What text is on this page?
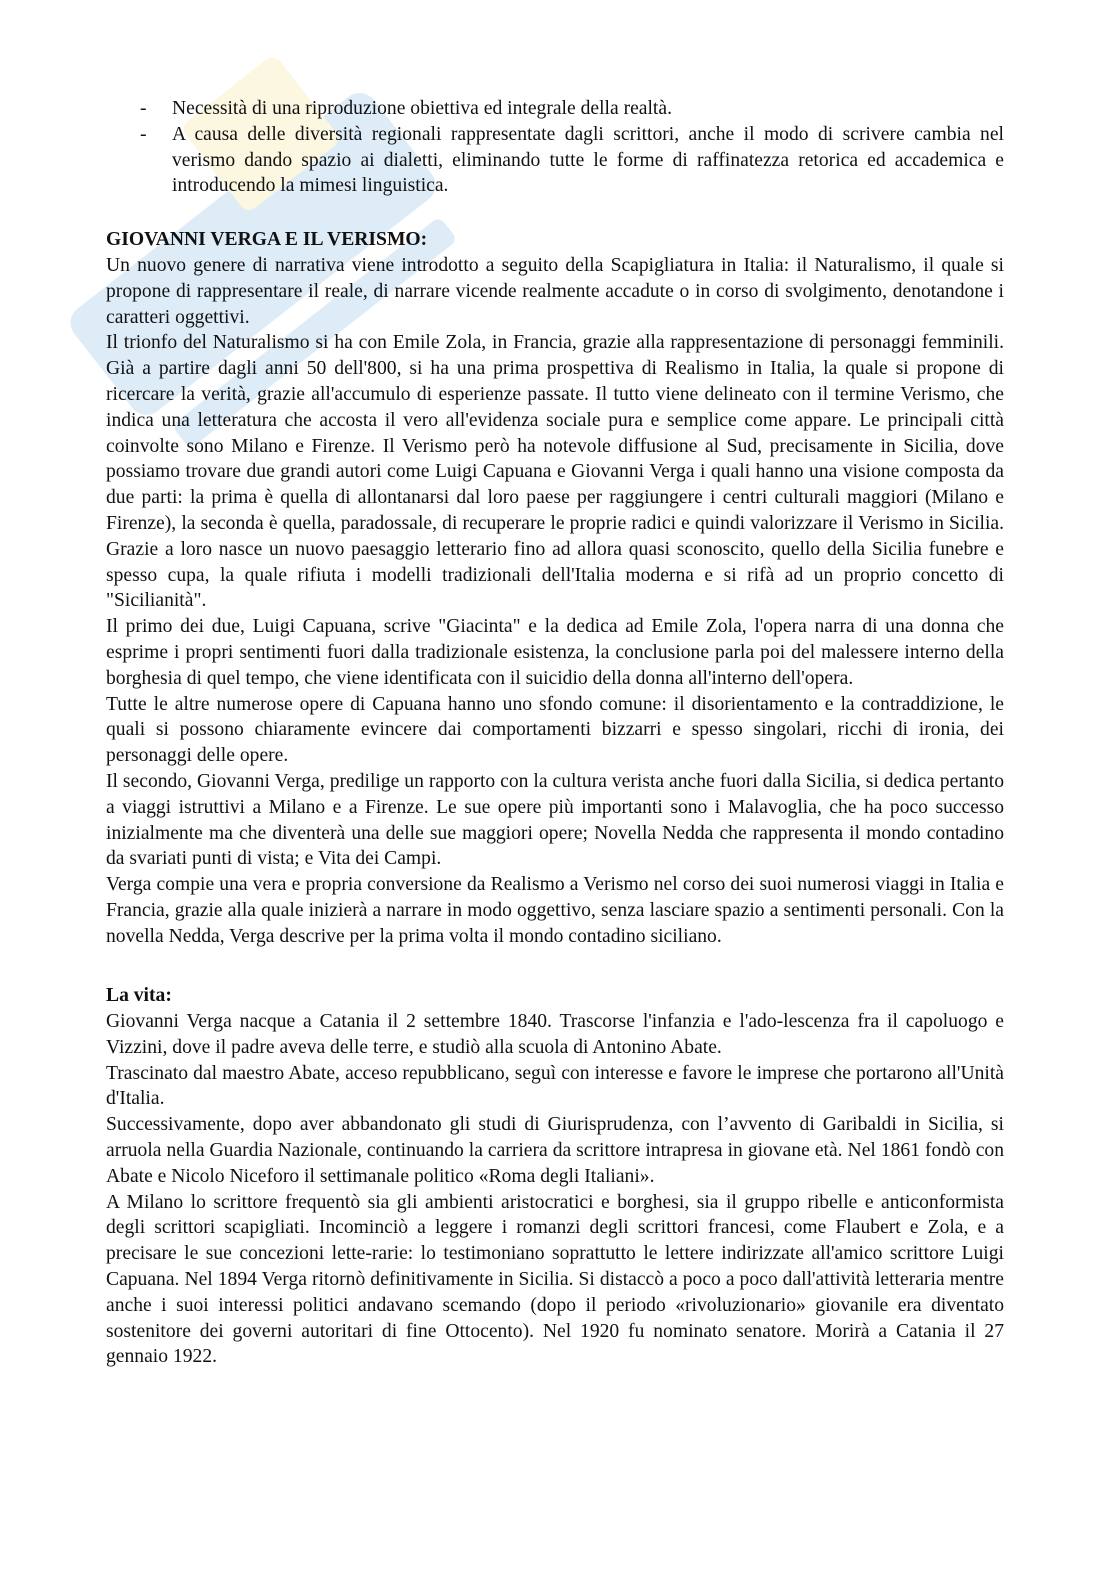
- Necessità di una riproduzione obiettiva ed integrale della realtà.
- A causa delle diversità regionali rappresentate dagli scrittori, anche il modo di scrivere cambia nel verismo dando spazio ai dialetti, eliminando tutte le forme di raffinatezza retorica ed accademica e introducendo la mimesi linguistica.
GIOVANNI VERGA E IL VERISMO:

Un nuovo genere di narrativa viene introdotto a seguito della Scapigliatura in Italia: il Naturalismo, il quale si propone di rappresentare il reale, di narrare vicende realmente accadute o in corso di svolgimento, denotandone i caratteri oggettivi.

Il trionfo del Naturalismo si ha con Emile Zola, in Francia, grazie alla rappresentazione di personaggi femminili. Già a partire dagli anni 50 dell'800, si ha una prima prospettiva di Realismo in Italia, la quale si propone di ricercare la verità, grazie all'accumulo di esperienze passate. Il tutto viene delineato con il termine Verismo, che indica una letteratura che accosta il vero all'evidenza sociale pura e semplice come appare. Le principali città coinvolte sono Milano e Firenze. Il Verismo però ha notevole diffusione al Sud, precisamente in Sicilia, dove possiamo trovare due grandi autori come Luigi Capuana e Giovanni Verga i quali hanno una visione composta da due parti: la prima è quella di allontanarsi dal loro paese per raggiungere i centri culturali maggiori (Milano e Firenze), la seconda è quella, paradossale, di recuperare le proprie radici e quindi valorizzare il Verismo in Sicilia. Grazie a loro nasce un nuovo paesaggio letterario fino ad allora quasi sconoscito, quello della Sicilia funebre e spesso cupa, la quale rifiuta i modelli tradizionali dell'Italia moderna e si rifà ad un proprio concetto di "Sicilianità".

Il primo dei due, Luigi Capuana, scrive "Giacinta" e la dedica ad Emile Zola, l'opera narra di una donna che esprime i propri sentimenti fuori dalla tradizionale esistenza, la conclusione parla poi del malessere interno della borghesia di quel tempo, che viene identificata con il suicidio della donna all'interno dell'opera.

Tutte le altre numerose opere di Capuana hanno uno sfondo comune: il disorientamento e la contraddizione, le quali si possono chiaramente evincere dai comportamenti bizzarri e spesso singolari, ricchi di ironia, dei personaggi delle opere.

Il secondo, Giovanni Verga, predilige un rapporto con la cultura verista anche fuori dalla Sicilia, si dedica pertanto a viaggi istruttivi a Milano e a Firenze. Le sue opere più importanti sono i Malavoglia, che ha poco successo inizialmente ma che diventerà una delle sue maggiori opere; Novella Nedda che rappresenta il mondo contadino da svariati punti di vista; e Vita dei Campi.

Verga compie una vera e propria conversione da Realismo a Verismo nel corso dei suoi numerosi viaggi in Italia e Francia, grazie alla quale inizierà a narrare in modo oggettivo, senza lasciare spazio a sentimenti personali. Con la novella Nedda, Verga descrive per la prima volta il mondo contadino siciliano.

La vita:

Giovanni Verga nacque a Catania il 2 settembre 1840. Trascorse l'infanzia e l'ado-lescenza fra il capoluogo e Vizzini, dove il padre aveva delle terre, e studiò alla scuola di Antonino Abate.

Trascinato dal maestro Abate, acceso repubblicano, seguì con interesse e favore le imprese che portarono all'Unità d'Italia.

Successivamente, dopo aver abbandonato gli studi di Giurisprudenza, con l’avvento di Garibaldi in Sicilia, si arruola nella Guardia Nazionale, continuando la carriera da scrittore intrapresa in giovane età. Nel 1861 fondò con Abate e Nicolo Niceforo il settimanale politico «Roma degli Italiani».

A Milano lo scrittore frequentò sia gli ambienti aristocratici e borghesi, sia il gruppo ribelle e anticonformista degli scrittori scapigliati. Incominciò a leggere i romanzi degli scrittori francesi, come Flaubert e Zola, e a precisare le sue concezioni lette-rarie: lo testimoniano soprattutto le lettere indirizzate all'amico scrittore Luigi Capuana. Nel 1894 Verga ritornò definitivamente in Sicilia. Si distaccò a poco a poco dall'attività letteraria mentre anche i suoi interessi politici andavano scemando (dopo il periodo «rivoluzionario» giovanile era diventato sostenitore dei governi autoritari di fine Ottocento). Nel 1920 fu nominato senatore. Morirà a Catania il 27 gennaio 1922.
